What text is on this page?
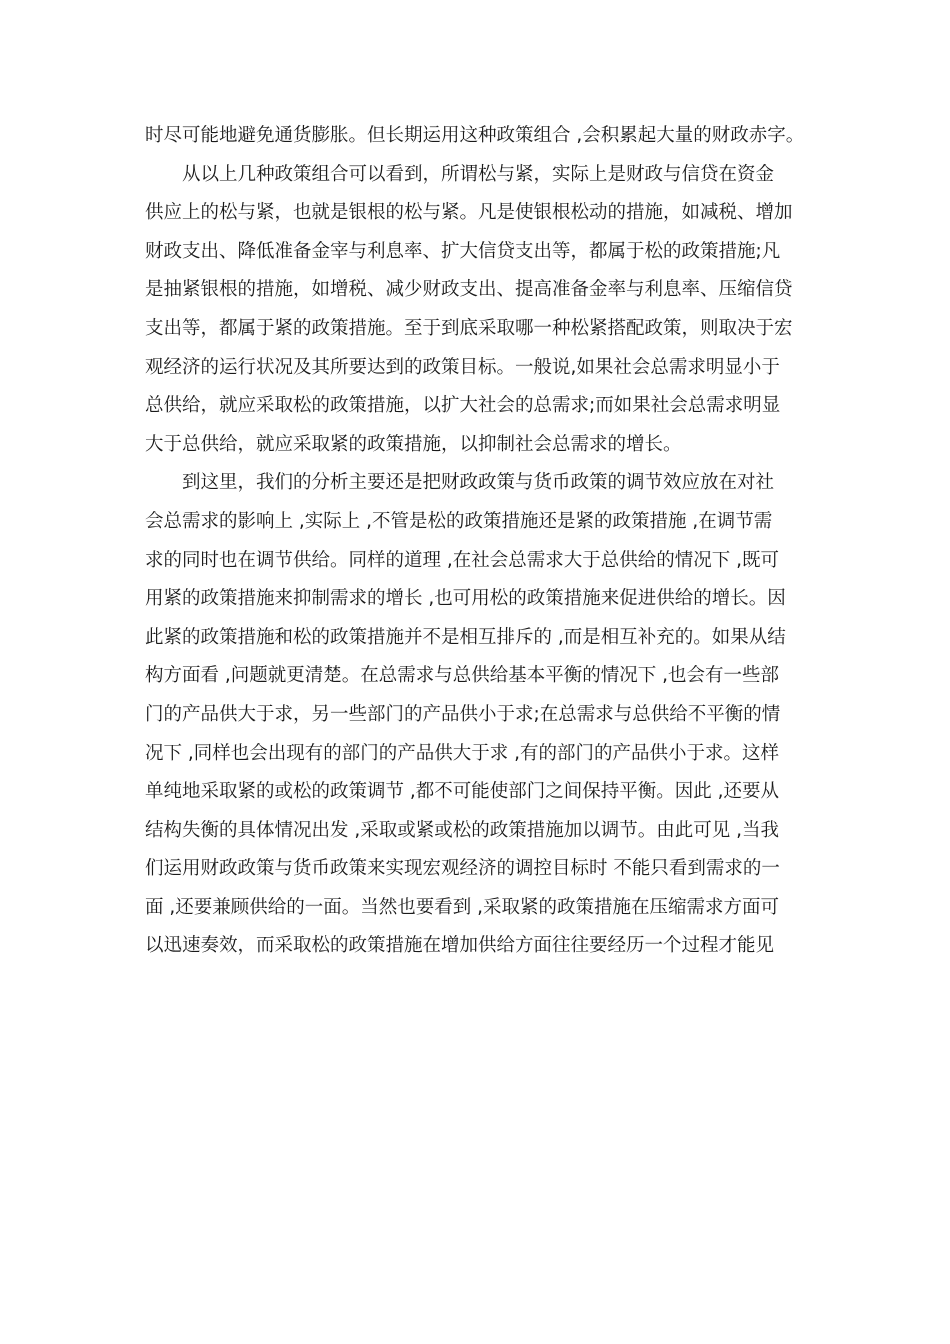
时尽可能地避免通货膨胀。但长期运用这种政策组合 ,会积累起大量的财政赤字。
　　从以上几种政策组合可以看到，所谓松与紧，实际上是财政与信贷在资金
供应上的松与紧，也就是银根的松与紧。凡是使银根松动的措施，如减税、增加
财政支出、降低准备金宰与利息率、扩大信贷支出等，都属于松的政策措施;凡
是抽紧银根的措施，如增税、减少财政支出、提高准备金率与利息率、压缩信贷
支出等，都属于紧的政策措施。至于到底采取哪一种松紧搭配政策，则取决于宏
观经济的运行状况及其所要达到的政策目标。一般说,如果社会总需求明显小于
总供给，就应采取松的政策措施，以扩大社会的总需求;而如果社会总需求明显
大于总供给，就应采取紧的政策措施，以抑制社会总需求的增长。
　　到这里，我们的分析主要还是把财政政策与货币政策的调节效应放在对社
会总需求的影响上 ,实际上 ,不管是松的政策措施还是紧的政策措施 ,在调节需
求的同时也在调节供给。同样的道理 ,在社会总需求大于总供给的情况下 ,既可
用紧的政策措施来抑制需求的增长 ,也可用松的政策措施来促进供给的增长。因
此紧的政策措施和松的政策措施并不是相互排斥的 ,而是相互补充的。如果从结
构方面看 ,问题就更清楚。在总需求与总供给基本平衡的情况下 ,也会有一些部
门的产品供大于求，另一些部门的产品供小于求;在总需求与总供给不平衡的情
况下 ,同样也会出现有的部门的产品供大于求 ,有的部门的产品供小于求。这样
单纯地采取紧的或松的政策调节 ,都不可能使部门之间保持平衡。因此 ,还要从
结构失衡的具体情况出发 ,采取或紧或松的政策措施加以调节。由此可见 ,当我
们运用财政政策与货币政策来实现宏观经济的调控目标时 不能只看到需求的一
面 ,还要兼顾供给的一面。当然也要看到 ,采取紧的政策措施在压缩需求方面可
以迅速奏效，而采取松的政策措施在增加供给方面往往要经历一个过程才能见
